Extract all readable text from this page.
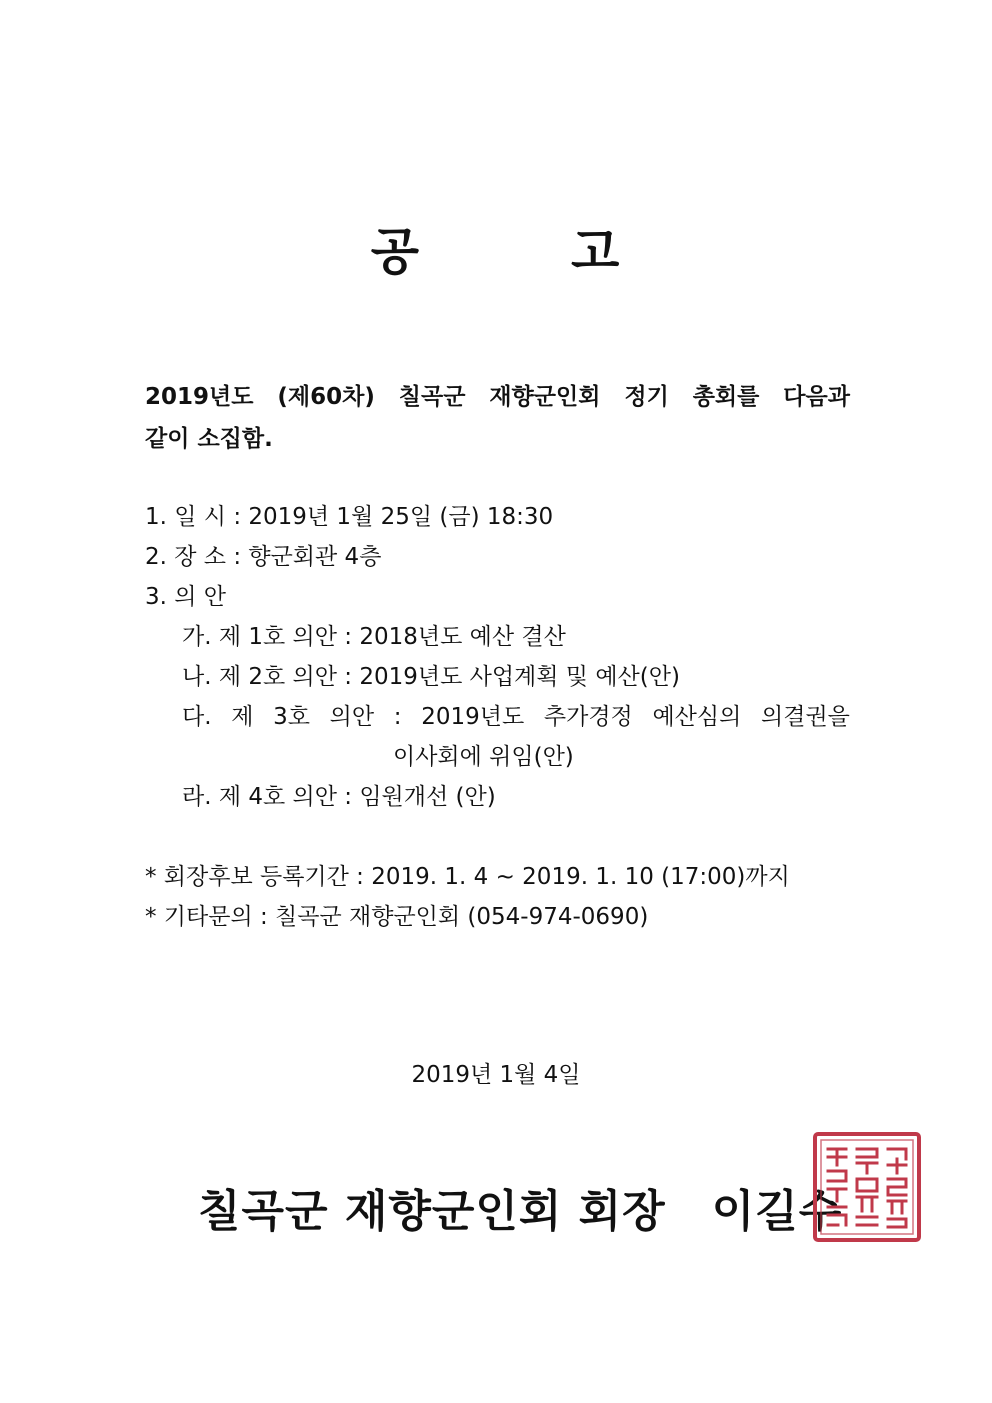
공	고
2019년도 (제60차) 칠곡군 재향군인회 정기 총회를 다음과
같이 소집함.
1. 일 시 : 2019년 1월 25일 (금) 18:30
2. 장 소 : 향군회관 4층
3. 의 안
가. 제 1호 의안 : 2018년도 예산 결산
나. 제 2호 의안 : 2019년도 사업계획 및 예산(안)
다. 제 3호 의안 : 2019년도 추가경정 예산심의 의결권을
이사회에 위임(안)
라. 제 4호 의안 : 임원개선 (안)
* 회장후보 등록기간 : 2019. 1. 4 ~ 2019. 1. 10 (17:00)까지
* 기타문의 : 칠곡군 재향군인회 (054-974-0690)
2019년 1월 4일
칠곡군 재향군인회 회장 이길수
